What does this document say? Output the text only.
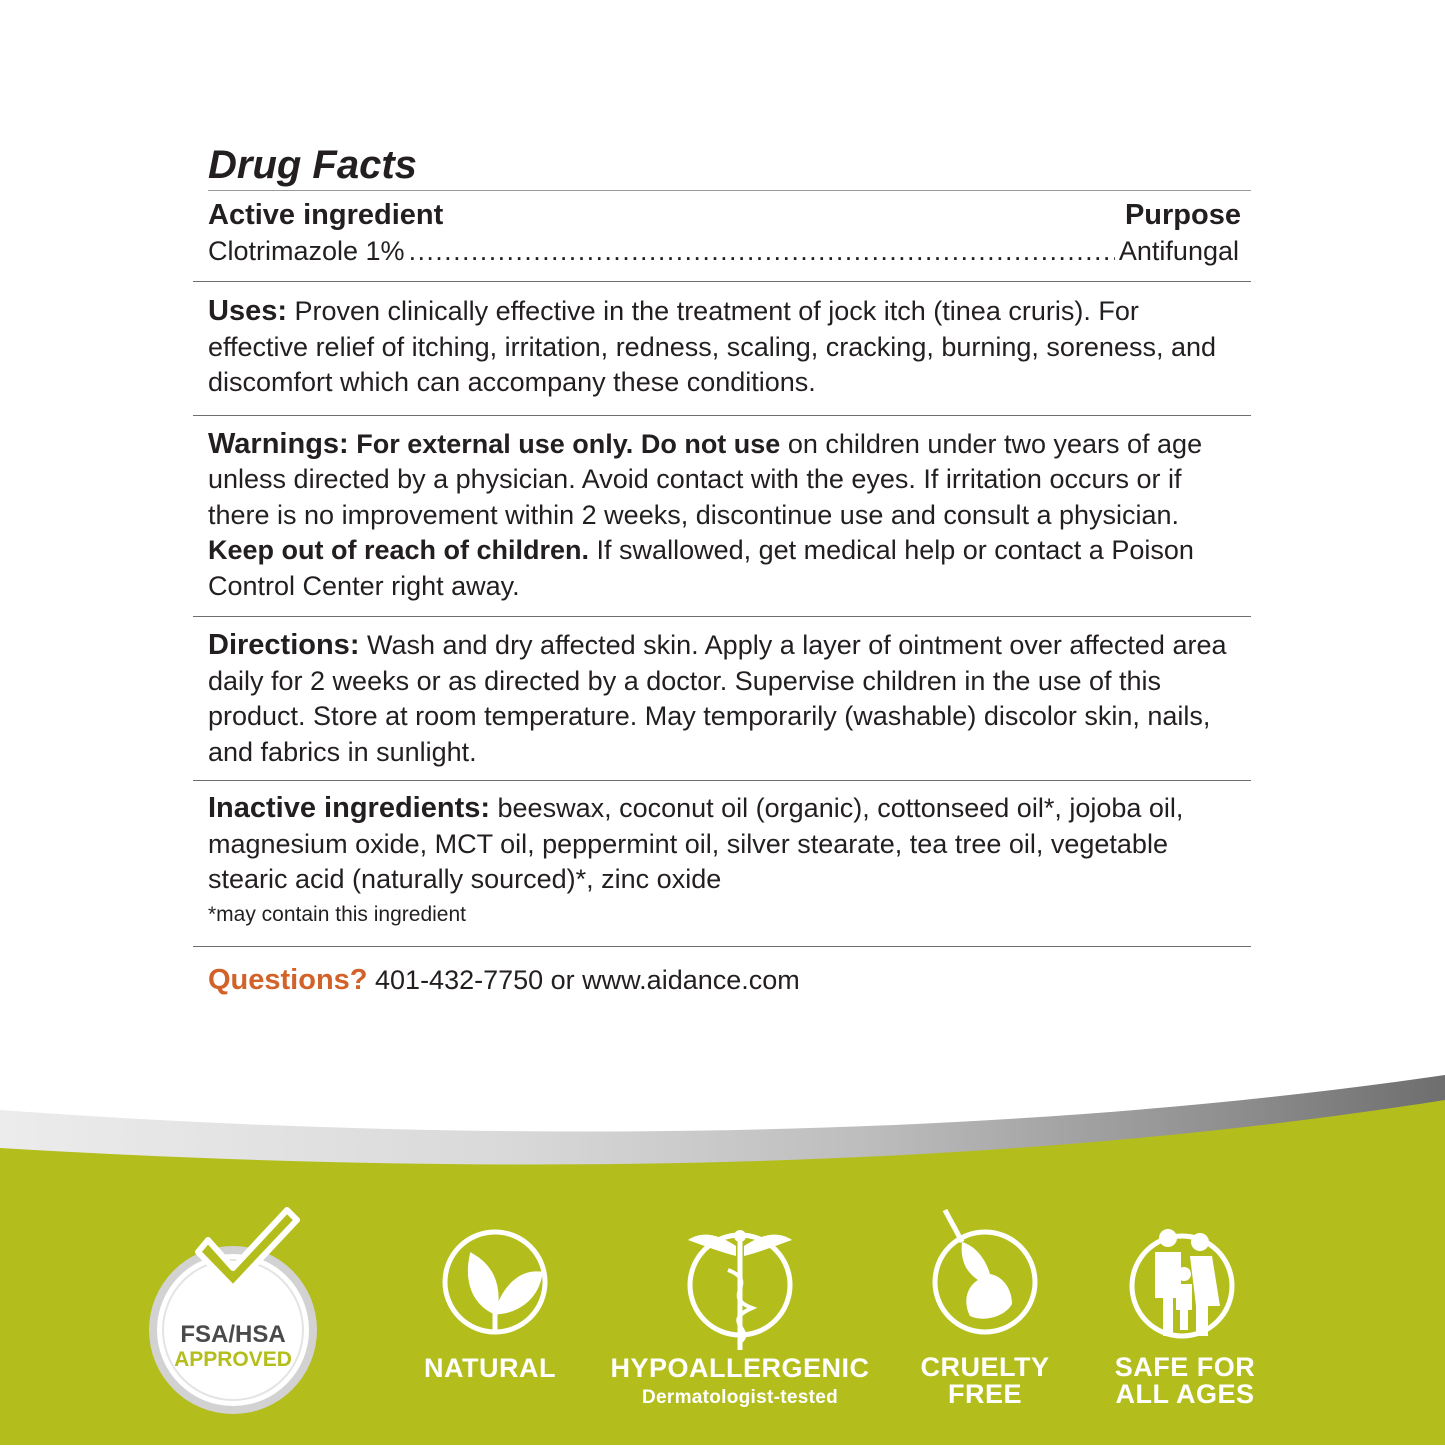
Drug Facts
Active ingredient	Purpose
Clotrimazole 1%
.....	Antifungal

Uses: Proven clinically effective in the treatment of jock itch (tinea cruris). For effective relief of itching, irritation, redness, scaling, cracking, burning, soreness, and discomfort which can accompany these conditions.

Warnings: For external use only. Do not use on children under two years of age unless directed by a physician. Avoid contact with the eyes. If irritation occurs or if there is no improvement within 2 weeks, discontinue use and consult a physician. Keep out of reach of children. If swallowed, get medical help or contact a Poison Control Center right away.

Directions: Wash and dry affected skin. Apply a layer of ointment over affected area daily for 2 weeks or as directed by a doctor. Supervise children in the use of this product. Store at room temperature. May temporarily (washable) discolor skin, nails, and fabrics in sunlight.

Inactive ingredients: beeswax, coconut oil (organic), cottonseed oil*, jojoba oil, magnesium oxide, MCT oil, peppermint oil, silver stearate, tea tree oil, vegetable stearic acid (naturally sourced)*, zinc oxide

*may contain this ingredient
Questions? 401-432-7750 or www.aidance.com
FSA/HSA
APPROVED	NATURAL	HYPOALLERGENIC
Dermatologist-tested
CRUELTY
FREE
SAFE FOR
ALL AGES
